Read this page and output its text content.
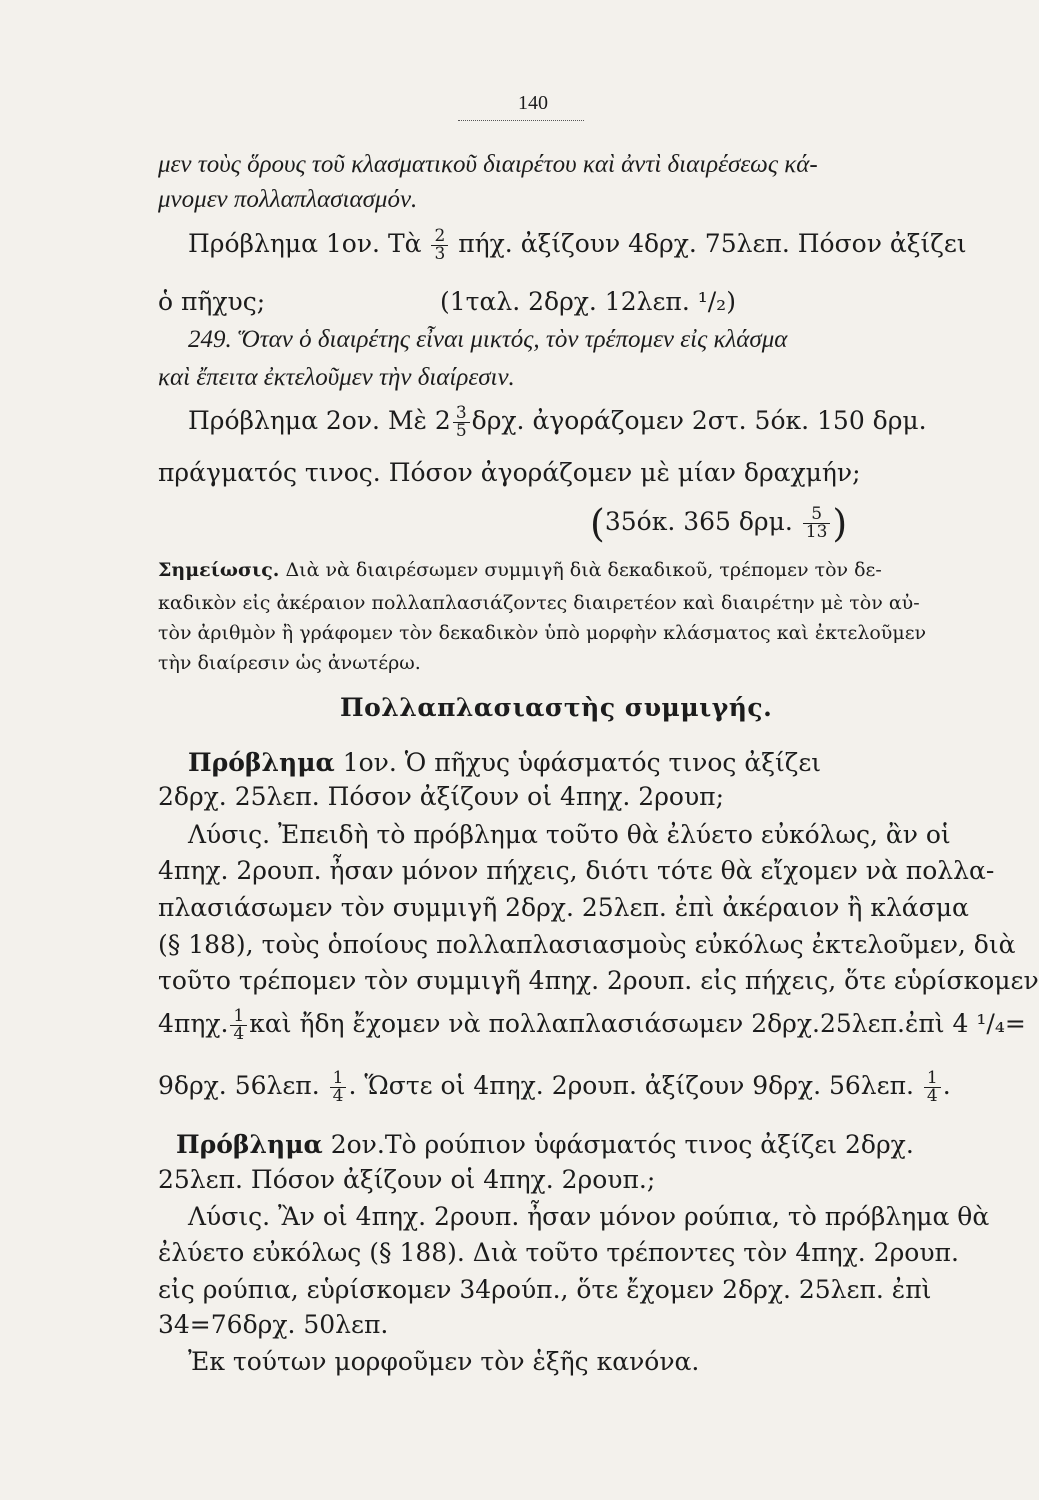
140
μεν τοὺς ὅρους τοῦ κλασματικοῦ διαιρέτου καὶ ἀντὶ διαιρέσεως κά-
μνομεν πολλαπλασιασμόν.
Πρόβλημα 1ον. Τὰ $\frac{2}{3} \pi ή\chi$. ἀξίζουν 4δρχ. 75λεπ. Πόσον ἀξίζει
ὁ πῆχυς;	(1ταλ. 2δρχ. 12λεπ. ¹/₂)
249. Ὅταν ὁ διαιρέτης εἶναι μικτός, τὸν τρέπομεν εἰς κλάσμα
καὶ ἔπειτα ἐκτελοῦμεν τὴν διαίρεσιν.
Πρόβλημα 2ον. Μὲ $2 \frac{3}{5} \delta\rho\chi$. ἀγοράζομεν 2στ. 5όκ. 150 δρμ.
πράγματός τινος. Πόσον ἀγοράζομεν μὲ μίαν δραχμήν;
(35όκ. 365 δρμ. $\frac{5}{13}$ )
Σημείωσις. Διὰ νὰ διαιρέσωμεν συμμιγῆ διὰ δεκαδικοῦ, τρέπομεν τὸν δε-
καδικὸν εἰς ἀκέραιον πολλαπλασιάζοντες διαιρετέον καὶ διαιρέτην μὲ τὸν αὐ-
τὸν ἀριθμὸν ἢ γράφομεν τὸν δεκαδικὸν ὑπὸ μορφὴν κλάσματος καὶ ἐκτελοῦμεν
τὴν διαίρεσιν ὡς ἀνωτέρω.
Πολλαπλασιαστὴς συμμιγής.
Πρόβλημα 1ον. Ὁ πῆχυς ὑφάσματός τινος ἀξίζει
2δρχ. 25λεπ. Πόσον ἀξίζουν οἱ 4πηχ. 2ρουπ;
Λύσις. Ἐπειδὴ τὸ πρόβλημα τοῦτο θὰ ἐλύετο εὐκόλως, ἂν οἱ
4πηχ. 2ρουπ. ἦσαν μόνον πήχεις, διότι τότε θὰ εἴχομεν νὰ πολλα-
πλασιάσωμεν τὸν συμμιγῆ 2δρχ. 25λεπ. ἐπὶ ἀκέραιον ἢ κλάσμα
(§ 188), τοὺς ὁποίους πολλαπλασιασμοὺς εὐκόλως ἐκτελοῦμεν, διὰ
τοῦτο τρέπομεν τὸν συμμιγῆ 4πηχ. 2ρουπ. εἰς πήχεις, ὅτε εὑρίσκομεν
4πηχ. $\frac{1}{4}$ καὶ ἤδη ἔχομεν νὰ πολλαπλασιάσωμεν 2δρχ.25λεπ.ἐπὶ 4 ¹/₄=
9δρχ. 56λεπ. $\frac{1}{4}$ . Ὥστε οἱ 4πηχ. 2ρουπ. ἀξίζουν 9δρχ. 56λεπ. $\frac{1}{4}$ .
Πρόβλημα 2ον.Τὸ ρούπιον ὑφάσματός τινος ἀξίζει 2δρχ.
25λεπ. Πόσον ἀξίζουν οἱ 4πηχ. 2ρουπ.;
Λύσις. Ἂν οἱ 4πηχ. 2ρουπ. ἦσαν μόνον ρούπια, τὸ πρόβλημα θὰ
ἐλύετο εὐκόλως (§ 188). Διὰ τοῦτο τρέποντες τὸν 4πηχ. 2ρουπ.
εἰς ρούπια, εὑρίσκομεν 34ρούπ., ὅτε ἔχομεν 2δρχ. 25λεπ. ἐπὶ
34=76δρχ. 50λεπ.
Ἐκ τούτων μορφοῦμεν τὸν ἑξῆς κανόνα.
